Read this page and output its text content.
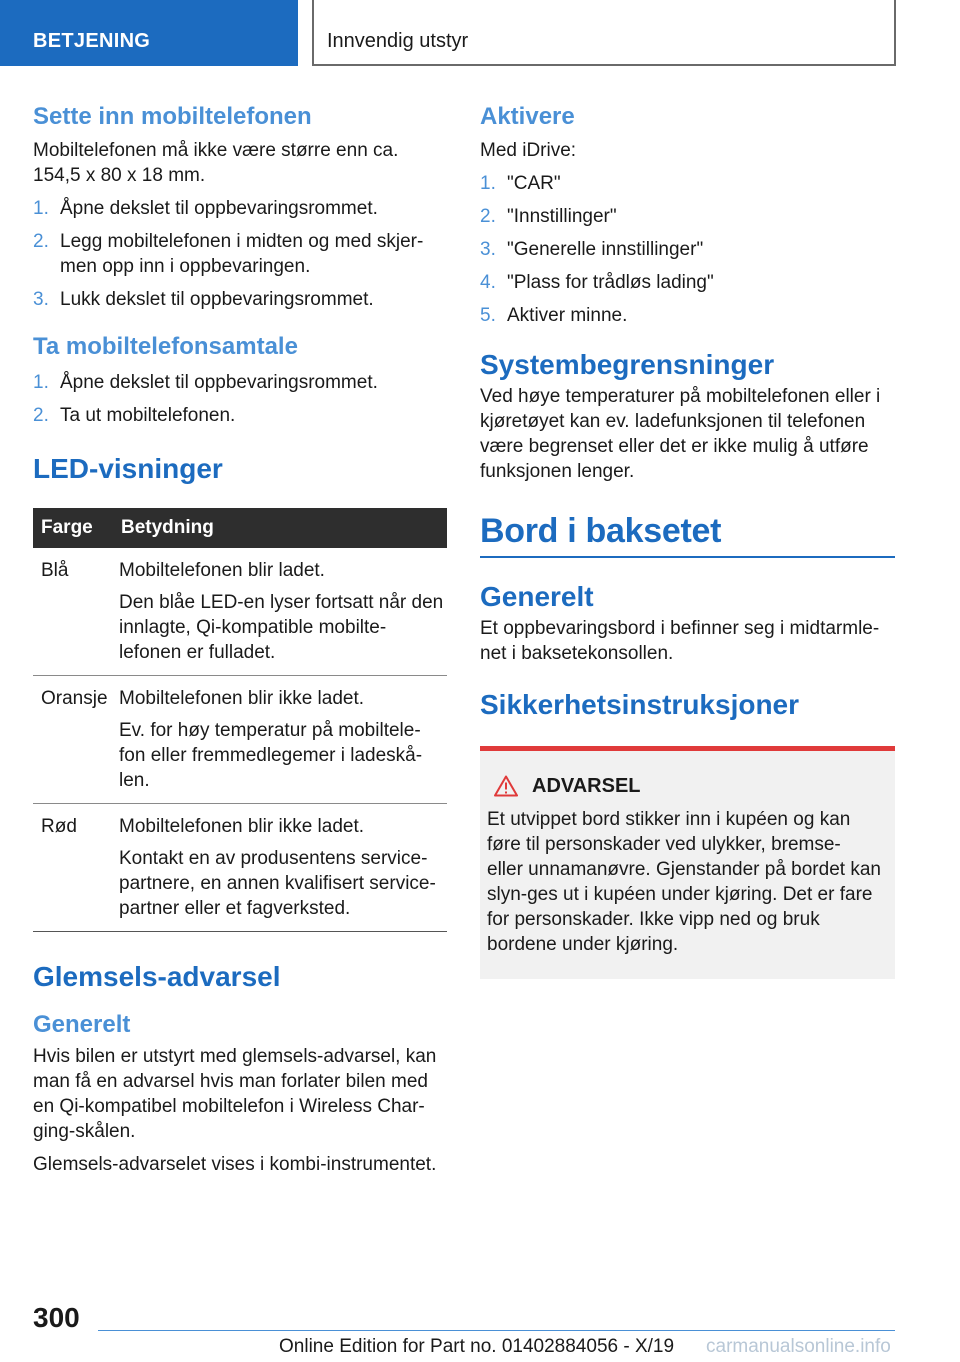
BETJENING	Innvendig utstyr
Sette inn mobiltelefonen
Mobiltelefonen må ikke være større enn ca. 154,5 x 80 x 18 mm.
1. Åpne dekslet til oppbevaringsrommet.
2. Legg mobiltelefonen i midten og med skjer-men opp inn i oppbevaringen.
3. Lukk dekslet til oppbevaringsrommet.
Ta mobiltelefonsamtale
1. Åpne dekslet til oppbevaringsrommet.
2. Ta ut mobiltelefonen.
LED-visninger
Farge	Betydning
Blå	Mobiltelefonen blir ladet.
Den blåe LED-en lyser fortsatt når den innlagte, Qi-kompatible mobilte-lefonen er fulladet.

Oransje	Mobiltelefonen blir ikke ladet.
Ev. for høy temperatur på mobiltele-fon eller fremmedlegemer i ladeskå-len.

Rød	Mobiltelefonen blir ikke ladet.
Kontakt en av produsentens service-partnere, en annen kvalifisert service-partner eller et fagverksted.
Glemsels-advarsel
Generelt
Hvis bilen er utstyrt med glemsels-advarsel, kan man få en advarsel hvis man forlater bilen med en Qi-kompatibel mobiltelefon i Wireless Char-ging-skålen.
Glemsels-advarselet vises i kombi-instrumentet.
Aktivere
Med iDrive:
1. "CAR"
2. "Innstillinger"
3. "Generelle innstillinger"
4. "Plass for trådløs lading"
5. Aktiver minne.
Systembegrensninger
Ved høye temperaturer på mobiltelefonen eller i kjøretøyet kan ev. ladefunksjonen til telefonen være begrenset eller det er ikke mulig å utføre funksjonen lenger.
Bord i baksetet
Generelt
Et oppbevaringsbord i befinner seg i midtarmle-net i baksetekonsollen.
Sikkerhetsinstruksjoner
ADVARSEL
Et utvippet bord stikker inn i kupéen og kan føre til personskader ved ulykker, bremse- eller unnamanøvre. Gjenstander på bordet kan slyn-ges ut i kupéen under kjøring. Det er fare for personskader. Ikke vipp ned og bruk bordene under kjøring.
300
Online Edition for Part no. 01402884056 - X/19 carmanualsonline.info
